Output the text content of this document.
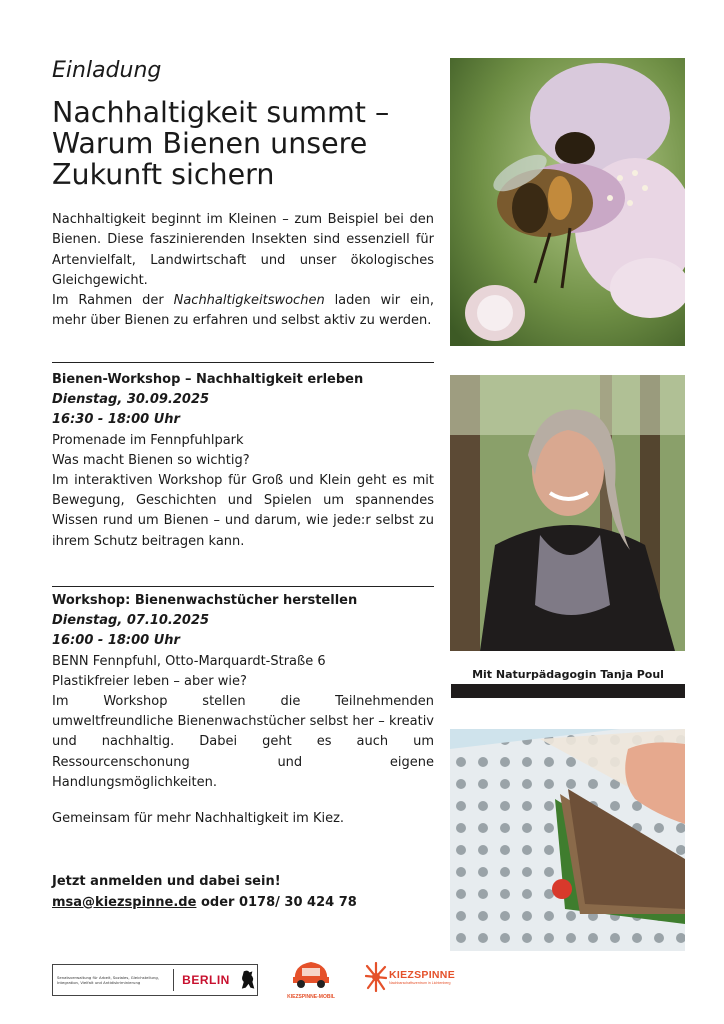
Einladung
Nachhaltigkeit summt – Warum Bienen unsere Zukunft sichern

Nachhaltigkeit beginnt im Kleinen – zum Beispiel bei den Bienen. Diese faszinierenden Insekten sind essenziell für Artenvielfalt, Landwirtschaft und unser ökologisches Gleichgewicht.

Im Rahmen der Nachhaltigkeitswochen laden wir ein, mehr über Bienen zu erfahren und selbst aktiv zu werden.

Bienen-Workshop – Nachhaltigkeit erleben
Dienstag, 30.09.2025
16:30 - 18:00 Uhr
Promenade im Fennpfuhlpark
Was macht Bienen so wichtig?
Im interaktiven Workshop für Groß und Klein geht es mit Bewegung, Geschichten und Spielen um spannendes Wissen rund um Bienen – und darum, wie jede:r selbst zu ihrem Schutz beitragen kann.
Workshop: Bienenwachstücher herstellen
Dienstag, 07.10.2025
16:00 - 18:00 Uhr
BENN Fennpfuhl, Otto-Marquardt-Straße 6
Plastikfreier leben – aber wie?
Im Workshop stellen die Teilnehmenden umweltfreundliche Bienenwachstücher selbst her – kreativ und nachhaltig. Dabei geht es auch um Ressourcenschonung und eigene Handlungsmöglichkeiten.
Gemeinsam für mehr Nachhaltigkeit im Kiez.
Jetzt anmelden und dabei sein!
msa@kiezspinne.de oder 0178/ 30 424 78
Mit Naturpädagogin Tanja Poul
Senatsverwaltung für Arbeit, Soziales, Gleichstellung, Integration, Vielfalt und Antidiskriminierung	BERLIN
KIEZSPINNE-MOBIL
KIEZSPINNE
Nachbarschaftszentrum in Lichtenberg
